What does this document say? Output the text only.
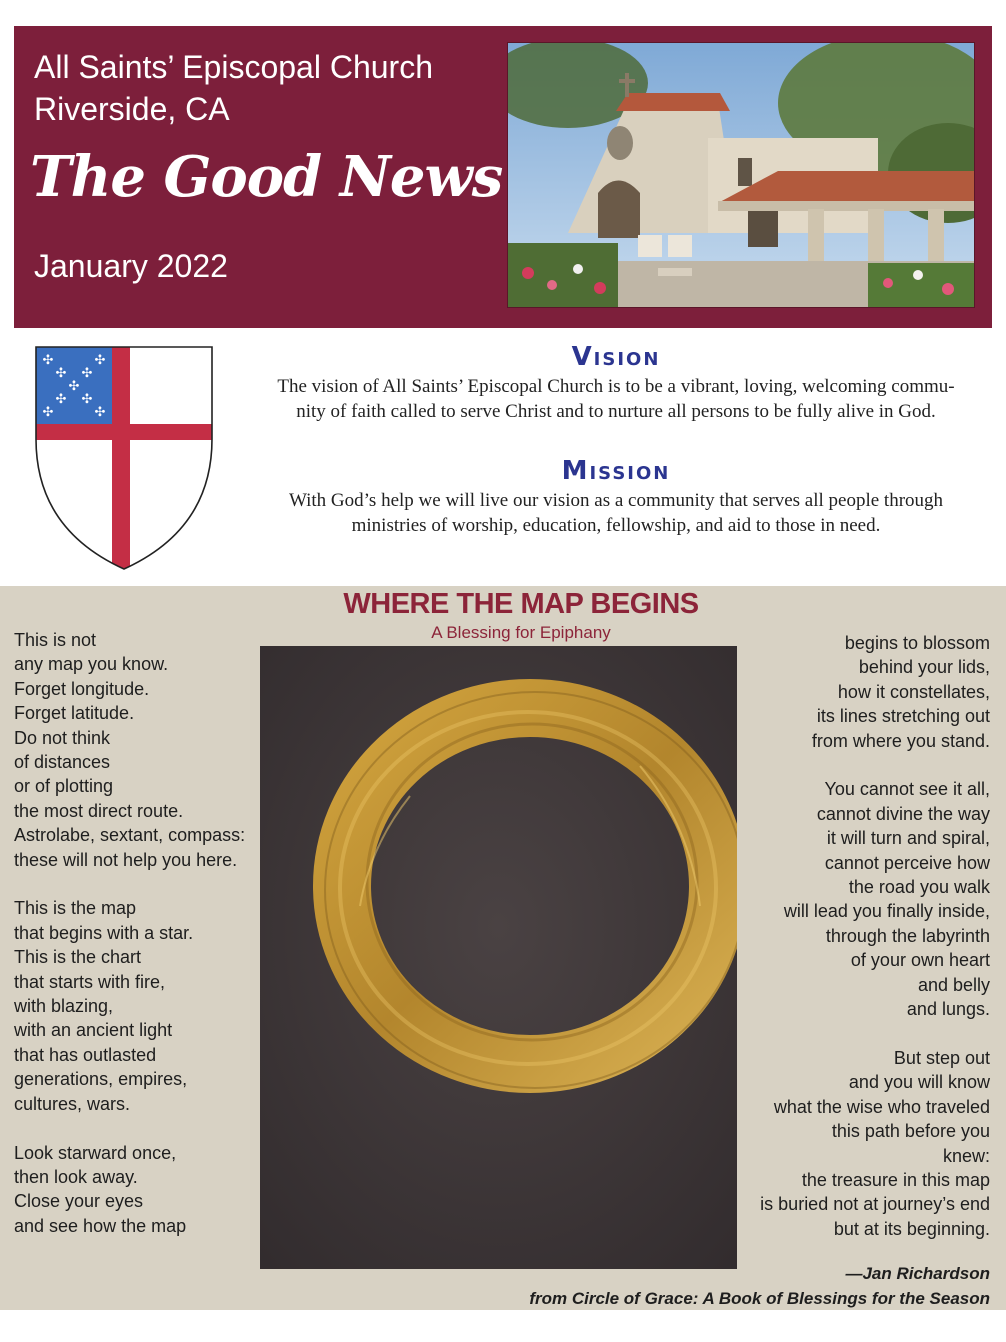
All Saints’ Episcopal Church
Riverside, CA
The Good News
January 2022
✣	✣
✣ ✣
✣
✣ ✣
✣	✣
Vision
The vision of All Saints’ Episcopal Church is to be a vibrant, loving, welcoming commu-
nity of faith called to serve Christ and to nurture all persons to be fully alive in God.
Mission
With God’s help we will live our vision as a community that serves all people through
ministries of worship, education, fellowship, and aid to those in need.
WHERE THE MAP BEGINS
A Blessing for Epiphany
This is not
any map you know.
Forget longitude.
Forget latitude.
Do not think
of distances
or of plotting
the most direct route.
Astrolabe, sextant, compass:
these will not help you here.
This is the map
that begins with a star.
This is the chart
that starts with fire,
with blazing,
with an ancient light
that has outlasted
generations, empires,
cultures, wars.
Look starward once,
then look away.
Close your eyes
and see how the map
begins to blossom
behind your lids,
how it constellates,
its lines stretching out
from where you stand.
You cannot see it all,
cannot divine the way
it will turn and spiral,
cannot perceive how
the road you walk
will lead you finally inside,
through the labyrinth
of your own heart
and belly
and lungs.
But step out
and you will know
what the wise who traveled
this path before you
knew:
the treasure in this map
is buried not at journey’s end
but at its beginning.
—Jan Richardson
from Circle of Grace: A Book of Blessings for the Season
